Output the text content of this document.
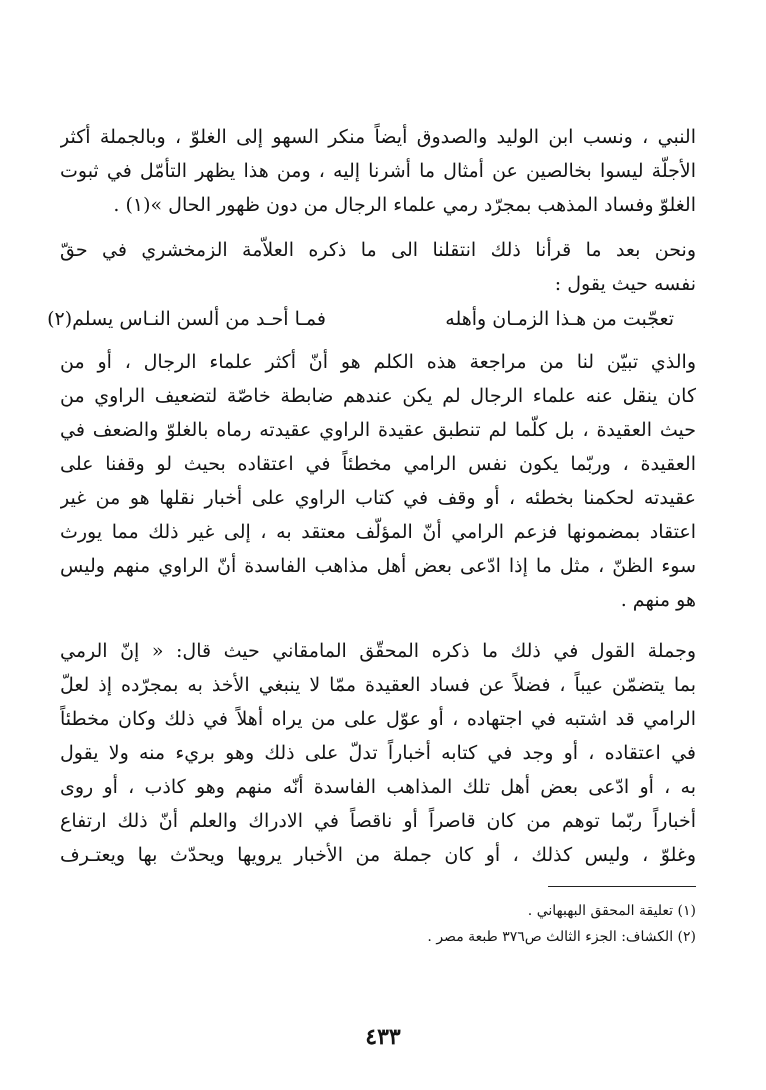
النبي ، ونسب ابن الوليد والصدوق أيضاً منكر السهو إلى الغلوّ ، وبالجملة أكثر
الأجلّة ليسوا بخالصين عن أمثال ما أشرنا إليه ، ومن هذا يظهر التأمّل في ثبوت
الغلوّ وفساد المذهب بمجرّد رمي علماء الرجال من دون ظهور الحال »(١) .
ونحن بعد ما قرأنا ذلك انتقلنا الى ما ذكره العلاّمة الزمخشري في حقّ
نفسه حيث يقول :
تعجّبت من هـذا الزمـان وأهله
فمـا أحـد من ألسن النـاس يسلم(٢)
والذي تبيّن لنا من مراجعة هذه الكلم هو أنّ أكثر علماء الرجال ، أو من
كان ينقل عنه علماء الرجال لم يكن عندهم ضابطة خاصّة لتضعيف الراوي من
حيث العقيدة ، بل كلّما لم تنطبق عقيدة الراوي عقيدته رماه بالغلوّ والضعف في
العقيدة ، وربّما يكون نفس الرامي مخطئاً في اعتقاده بحيث لو وقفنا على
عقيدته لحكمنا بخطئه ، أو وقف في كتاب الراوي على أخبار نقلها هو من غير
اعتقاد بمضمونها فزعم الرامي أنّ المؤلّف معتقد به ، إلى غير ذلك مما يورث
سوء الظنّ ، مثل ما إذا ادّعى بعض أهل مذاهب الفاسدة أنّ الراوي منهم وليس
هو منهم .
وجملة القول في ذلك ما ذكره المحقّق المامقاني حيث قال: « إنّ الرمي
بما يتضمّن عيباً ، فضلاً عن فساد العقيدة ممّا لا ينبغي الأخذ به بمجرّده إذ لعلّ
الرامي قد اشتبه في اجتهاده ، أو عوّل على من يراه أهلاً في ذلك وكان مخطئاً
في اعتقاده ، أو وجد في كتابه أخباراً تدلّ على ذلك وهو بريء منه ولا يقول
به ، أو ادّعى بعض أهل تلك المذاهب الفاسدة أنّه منهم وهو كاذب ، أو روى
أخباراً ربّما توهم من كان قاصراً أو ناقصاً في الادراك والعلم أنّ ذلك ارتفاع
وغلوّ ، وليس كذلك ، أو كان جملة من الأخبار يرويها ويحدّث بها ويعتـرف
(١) تعليقة المحقق البهبهاني .
(٢) الكشاف: الجزء الثالث ص٣٧٦ طبعة مصر .
٤٣٣
